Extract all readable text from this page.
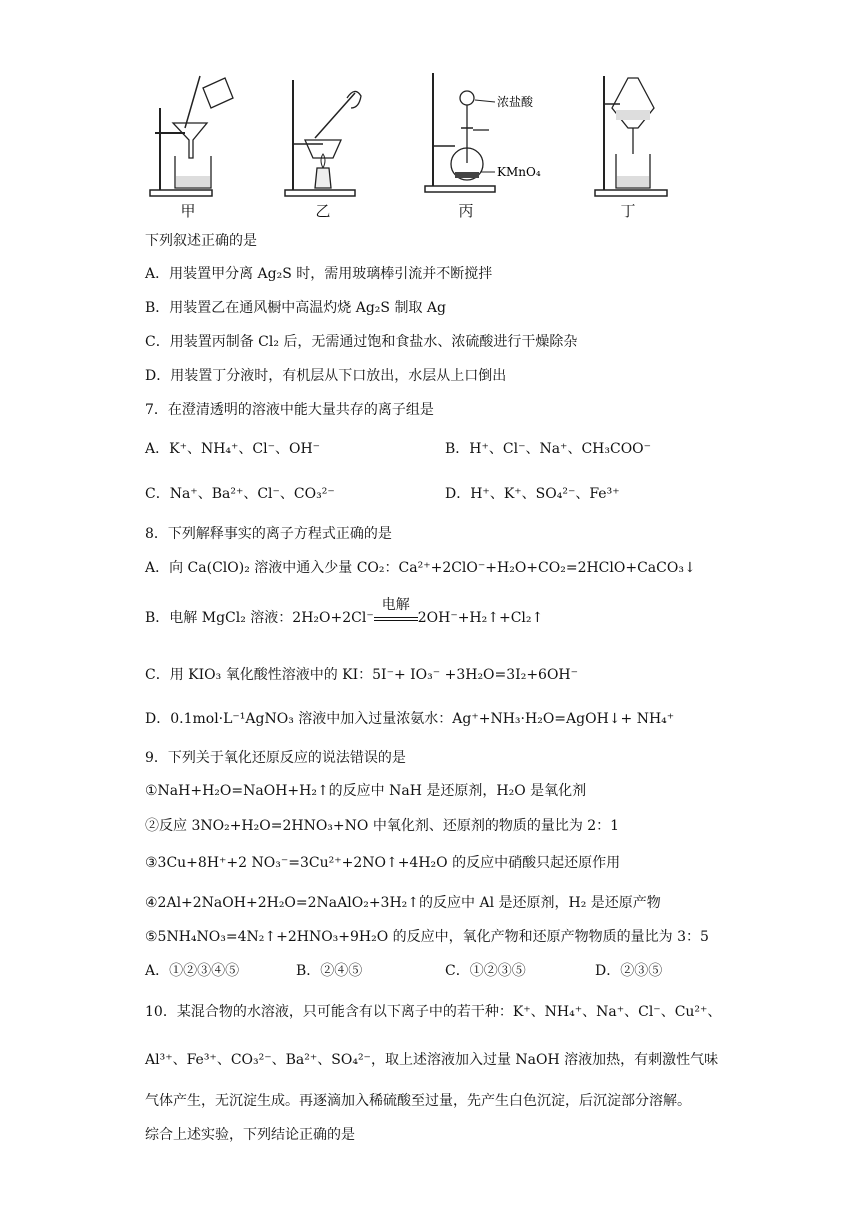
浓盐酸
KMnO₄
甲	乙	丙	丁
下列叙述正确的是
A．用装置甲分离 Ag₂S 时，需用玻璃棒引流并不断搅拌
B．用装置乙在通风橱中高温灼烧 Ag₂S 制取 Ag
C．用装置丙制备 Cl₂ 后，无需通过饱和食盐水、浓硫酸进行干燥除杂
D．用装置丁分液时，有机层从下口放出，水层从上口倒出
7．在澄清透明的溶液中能大量共存的离子组是
A．K⁺、NH₄⁺、Cl⁻、OH⁻	B．H⁺、Cl⁻、Na⁺、CH₃COO⁻
C．Na⁺、Ba²⁺、Cl⁻、CO₃²⁻	D．H⁺、K⁺、SO₄²⁻、Fe³⁺
8．下列解释事实的离子方程式正确的是
A．向 Ca(ClO)₂ 溶液中通入少量 CO₂：Ca²⁺+2ClO⁻+H₂O+CO₂=2HClO+CaCO₃↓
B．电解 MgCl₂ 溶液：2H₂O+2Cl⁻
电解
2OH⁻+H₂↑+Cl₂↑
C．用 KIO₃ 氧化酸性溶液中的 KI：5I⁻+ IO₃⁻ +3H₂O=3I₂+6OH⁻
D．0.1mol·L⁻¹AgNO₃ 溶液中加入过量浓氨水：Ag⁺+NH₃·H₂O=AgOH↓+ NH₄⁺
9．下列关于氧化还原反应的说法错误的是
①NaH+H₂O=NaOH+H₂↑的反应中 NaH 是还原剂，H₂O 是氧化剂
②反应 3NO₂+H₂O=2HNO₃+NO 中氧化剂、还原剂的物质的量比为 2：1
③3Cu+8H⁺+2 NO₃⁻=3Cu²⁺+2NO↑+4H₂O 的反应中硝酸只起还原作用
④2Al+2NaOH+2H₂O=2NaAlO₂+3H₂↑的反应中 Al 是还原剂，H₂ 是还原产物
⑤5NH₄NO₃=4N₂↑+2HNO₃+9H₂O 的反应中，氧化产物和还原产物物质的量比为 3：5
A．①②③④⑤	B．②④⑤	C．①②③⑤	D．②③⑤
10．某混合物的水溶液，只可能含有以下离子中的若干种：K⁺、NH₄⁺、Na⁺、Cl⁻、Cu²⁺、
Al³⁺、Fe³⁺、CO₃²⁻、Ba²⁺、SO₄²⁻，取上述溶液加入过量 NaOH 溶液加热，有刺激性气味
气体产生，无沉淀生成。再逐滴加入稀硫酸至过量，先产生白色沉淀，后沉淀部分溶解。
综合上述实验，下列结论正确的是
